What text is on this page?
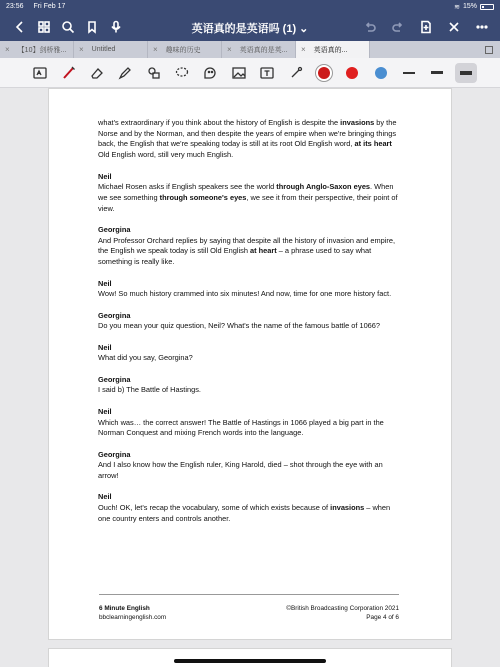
23:56 Fri Feb 17	≋ 15%
英语真的是英语吗 (1) ⌄
× 【10】剑桥雅... × Untitled	× 趣味的历史	× 英语真的是英... × 英语真的...

what's extraordinary if you think about the history of English is despite the invasions by the Norse and by the Norman, and then despite the years of empire when we're bringing things back, the English that we're speaking today is still at its root Old English word, at its heart Old English word, still very much English.

Neil
Michael Rosen asks if English speakers see the world through Anglo-Saxon eyes. When we see something through someone's eyes, we see it from their perspective, their point of view.

Georgina
And Professor Orchard replies by saying that despite all the history of invasion and empire, the English we speak today is still Old English at heart – a phrase used to say what something is really like.

Neil
Wow! So much history crammed into six minutes! And now, time for one more history fact.

Georgina
Do you mean your quiz question, Neil? What's the name of the famous battle of 1066?

Neil
What did you say, Georgina?

Georgina
I said b) The Battle of Hastings.

Neil
Which was… the correct answer! The Battle of Hastings in 1066 played a big part in the Norman Conquest and mixing French words into the language.

Georgina
And I also know how the English ruler, King Harold, died – shot through the eye with an arrow!

Neil
Ouch! OK, let's recap the vocabulary, some of which exists because of invasions – when one country enters and controls another.

6 Minute English
bbclearningenglish.com
©British Broadcasting Corporation 2021
Page 4 of 6
